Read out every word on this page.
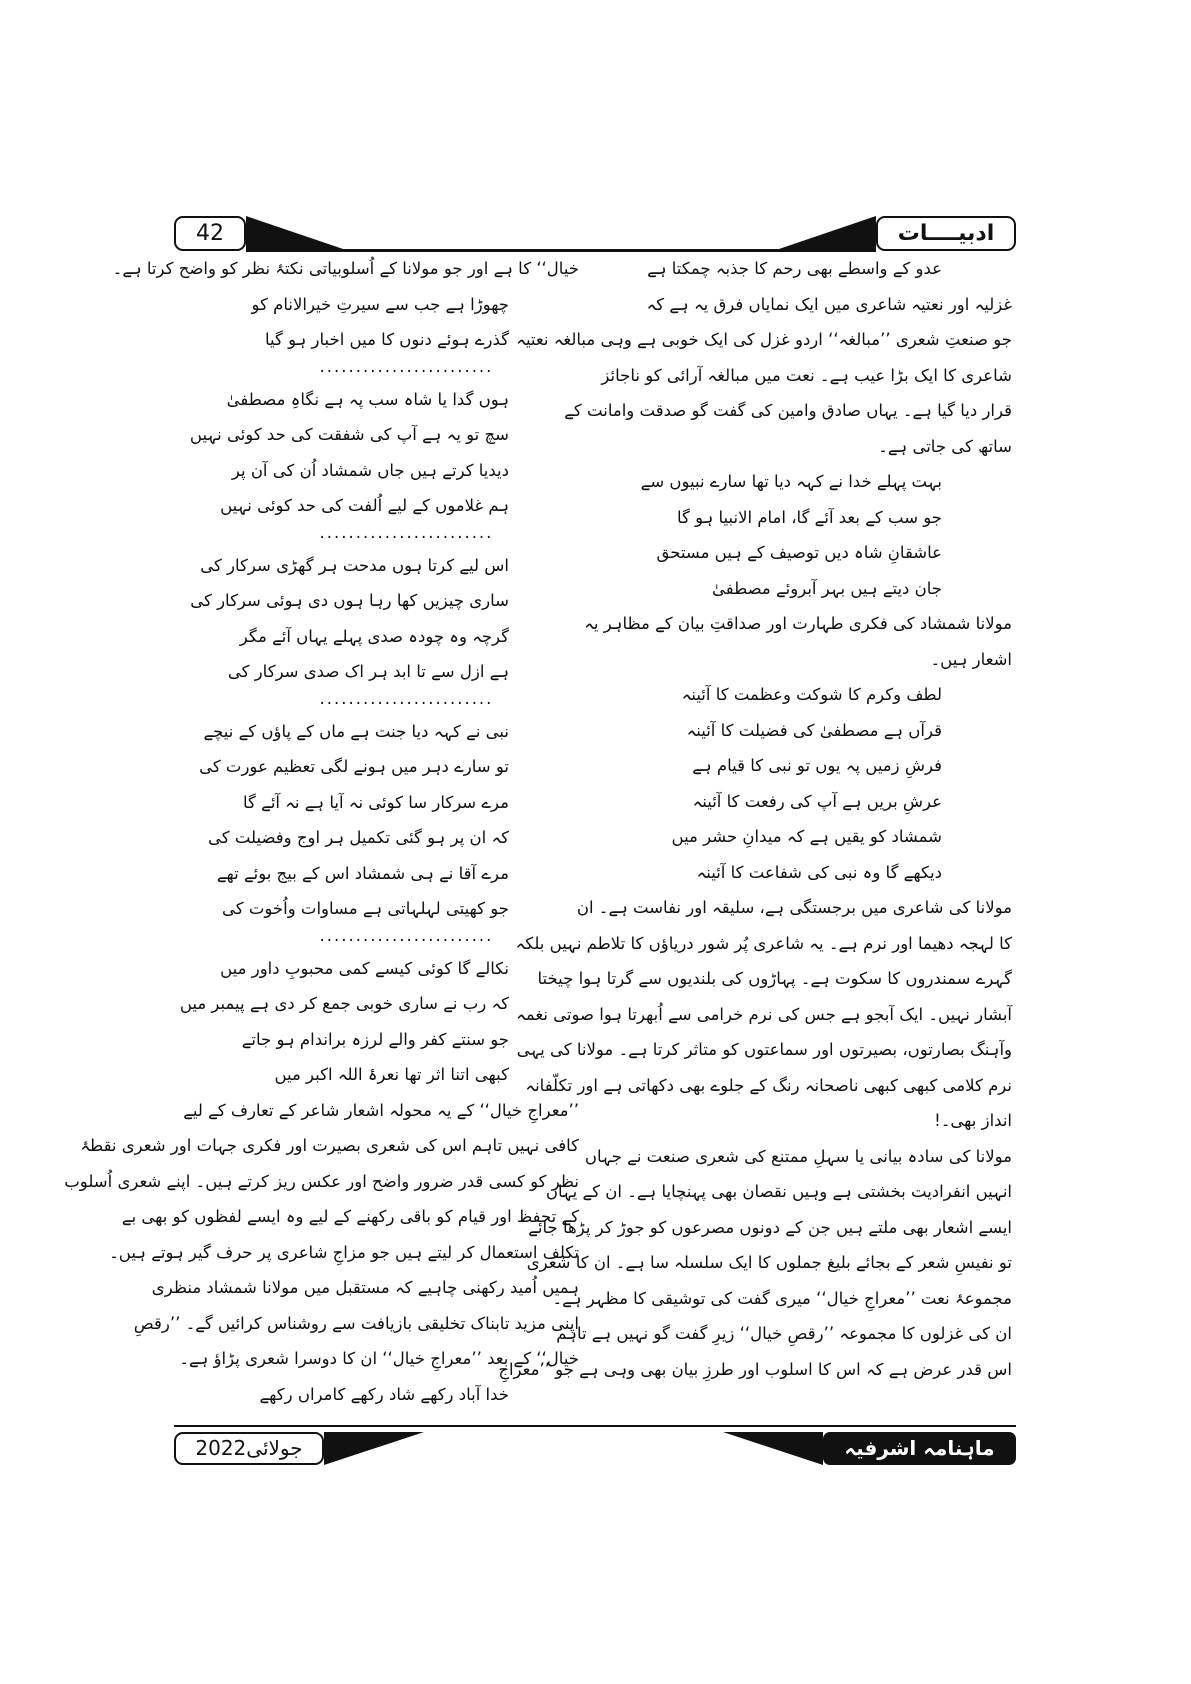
42	ادبیــــات
عدو کے واسطے بھی رحم کا جذبہ چمکتا ہے
غزلیہ اور نعتیہ شاعری میں ایک نمایاں فرق یہ ہے کہ
جو صنعتِ شعری ’’مبالغہ‘‘ اردو غزل کی ایک خوبی ہے وہی مبالغہ نعتیہ
شاعری کا ایک بڑا عیب ہے۔ نعت میں مبالغہ آرائی کو ناجائز
قرار دیا گیا ہے۔ یہاں صادق وامین کی گفت گو صدقت وامانت کے
ساتھ کی جاتی ہے۔
بہت پہلے خدا نے کہہ دیا تھا سارے نبیوں سے
جو سب کے بعد آئے گا، امام الانبیا ہو گا
عاشقانِ شاہ دیں توصیف کے ہیں مستحق
جان دیتے ہیں بہر آبروئے مصطفیٰ
مولانا شمشاد کی فکری طہارت اور صداقتِ بیان کے مظاہر یہ
اشعار ہیں۔
لطف وکرم کا شوکت وعظمت کا آئینہ
قرآں ہے مصطفیٰ کی فضیلت کا آئینہ
فرشِ زمیں پہ یوں تو نبی کا قیام ہے
عرشِ بریں ہے آپ کی رفعت کا آئینہ
شمشاد کو یقیں ہے کہ میدانِ حشر میں
دیکھے گا وہ نبی کی شفاعت کا آئینہ
مولانا کی شاعری میں برجستگی ہے، سلیقہ اور نفاست ہے۔ ان
کا لہجہ دھیما اور نرم ہے۔ یہ شاعری پُر شور دریاؤں کا تلاطم نہیں بلکہ
گہرے سمندروں کا سکوت ہے۔ پہاڑوں کی بلندیوں سے گرتا ہوا چیختا
آبشار نہیں۔ ایک آبجو ہے جس کی نرم خرامی سے اُبھرتا ہوا صوتی نغمہ
وآہنگ بصارتوں، بصیرتوں اور سماعتوں کو متاثر کرتا ہے۔ مولانا کی یہی
نرم کلامی کبھی کبھی ناصحانہ رنگ کے جلوے بھی دکھاتی ہے اور تکلّفانہ
انداز بھی۔!
مولانا کی سادہ بیانی یا سہلِ ممتنع کی شعری صنعت نے جہاں
انہیں انفرادیت بخشتی ہے وہیں نقصان بھی پہنچایا ہے۔ ان کے یہاں
ایسے اشعار بھی ملتے ہیں جن کے دونوں مصرعوں کو جوڑ کر پڑھا جائے
تو نفیسِ شعر کے بجائے بلیغ جملوں کا ایک سلسلہ سا ہے۔ ان کا شعری
مجموعۂ نعت ’’معراجِ خیال‘‘ میری گفت کی توشیقی کا مظہر ہے۔
ان کی غزلوں کا مجموعہ ’’رقصِ خیال‘‘ زیرِ گفت گو نہیں ہے تاہم
اس قدر عرض ہے کہ اس کا اسلوب اور طرزِ بیان بھی وہی ہے جو ’’معراجِ
خیال‘‘ کا ہے اور جو مولانا کے اُسلوبیاتی نکتۂ نظر کو واضح کرتا ہے۔
چھوڑا ہے جب سے سیرتِ خیرالانام کو
گذرے ہوئے دنوں کا میں اخبار ہو گیا
........................
ہوں گدا یا شاہ سب پہ ہے نگاہِ مصطفیٰ
سچ تو یہ ہے آپ کی شفقت کی حد کوئی نہیں
دیدیا کرتے ہیں جاں شمشاد اُن کی آن پر
ہم غلاموں کے لیے اُلفت کی حد کوئی نہیں
........................
اس لیے کرتا ہوں مدحت ہر گھڑی سرکار کی
ساری چیزیں کھا رہا ہوں دی ہوئی سرکار کی
گرچہ وہ چودہ صدی پہلے یہاں آئے مگر
ہے ازل سے تا ابد ہر اک صدی سرکار کی
........................
نبی نے کہہ دیا جنت ہے ماں کے پاؤں کے نیچے
تو سارے دہر میں ہونے لگی تعظیم عورت کی
مرے سرکار سا کوئی نہ آیا ہے نہ آئے گا
کہ ان پر ہو گئی تکمیل ہر اوج وفضیلت کی
مرے آقا نے ہی شمشاد اس کے بیج بوئے تھے
جو کھیتی لہلہاتی ہے مساوات واُخوت کی
........................
نکالے گا کوئی کیسے کمی محبوبِ داور میں
کہ رب نے ساری خوبی جمع کر دی ہے پیمبر میں
جو سنتے کفر والے لرزہ براندام ہو جاتے
کبھی اتنا اثر تھا نعرۂ اللہ اکبر میں
’’معراجِ خیال‘‘ کے یہ محولہ اشعار شاعر کے تعارف کے لیے
کافی نہیں تاہم اس کی شعری بصیرت اور فکری جہات اور شعری نقطۂ
نظر کو کسی قدر ضرور واضح اور عکس ریز کرتے ہیں۔ اپنے شعری اُسلوب
کے تحفظ اور قیام کو باقی رکھنے کے لیے وہ ایسے لفظوں کو بھی بے
تکلف استعمال کر لیتے ہیں جو مزاجِ شاعری پر حرف گیر ہوتے ہیں۔
ہمیں اُمید رکھنی چاہیے کہ مستقبل میں مولانا شمشاد منظری
اپنی مزید تابناک تخلیقی بازیافت سے روشناس کرائیں گے۔ ’’رقصِ
خیال‘‘ کے بعد ’’معراجِ خیال‘‘ ان کا دوسرا شعری پڑاؤ ہے۔
خدا آباد رکھے شاد رکھے کامراں رکھے
جولائی2022	ماہنامہ اشرفیہ
